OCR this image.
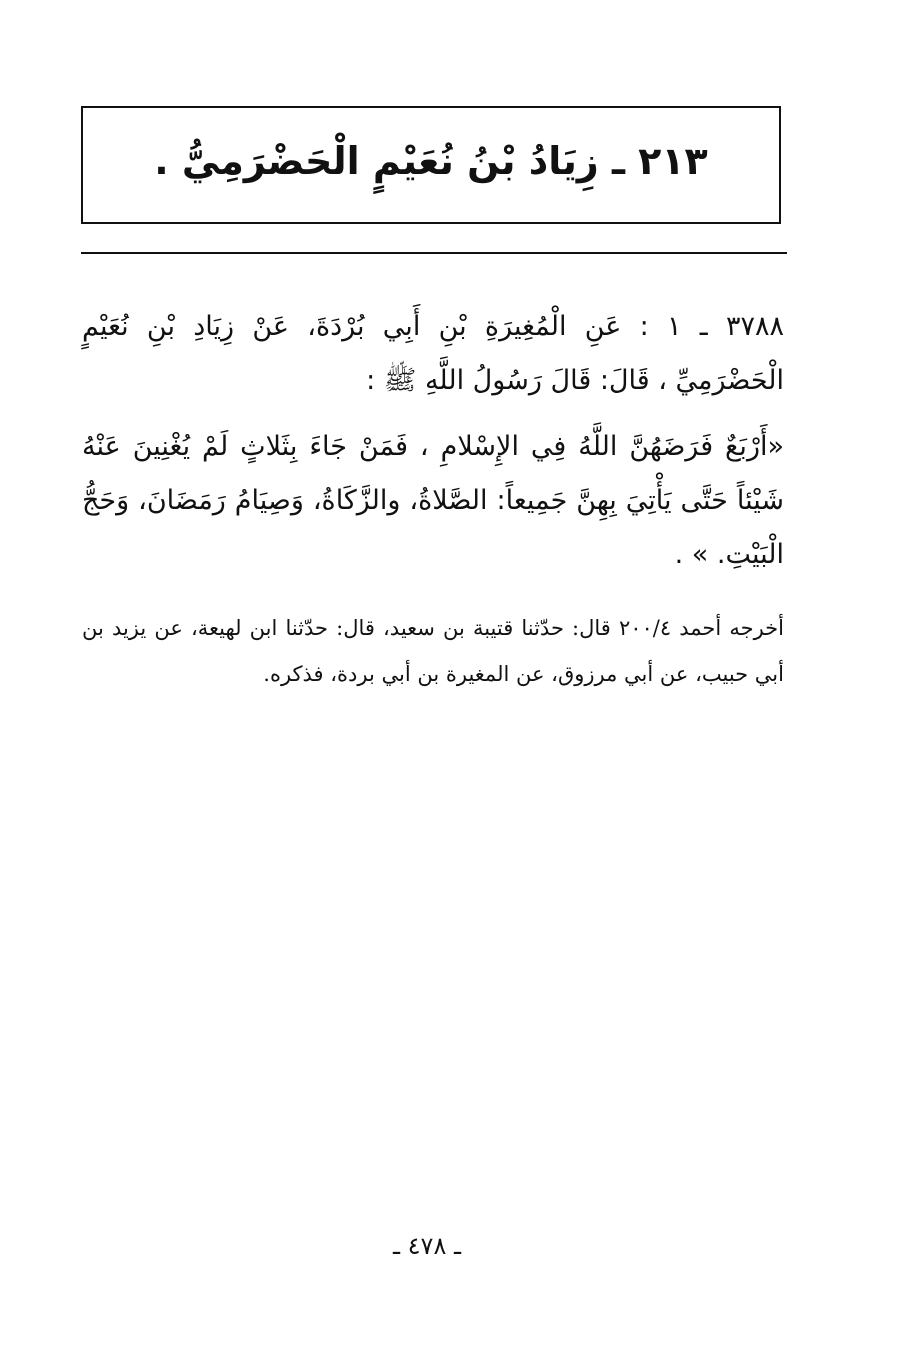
٢١٣ ـ زِيَادُ بْنُ نُعَيْمٍ الْحَضْرَمِيُّ .
٣٧٨٨ ـ ١ : عَنِ الْمُغِيرَةِ بْنِ أَبِي بُرْدَةَ، عَنْ زِيَادِ بْنِ نُعَيْمٍ الْحَضْرَمِيِّ ، قَالَ: قَالَ رَسُولُ اللَّهِ ﷺ :
«أَرْبَعٌ فَرَضَهُنَّ اللَّهُ فِي الإِسْلامِ ، فَمَنْ جَاءَ بِثَلاثٍ لَمْ يُغْنِينَ عَنْهُ شَيْئاً حَتَّى يَأْتِيَ بِهِنَّ جَمِيعاً: الصَّلاةُ، والزَّكَاةُ، وَصِيَامُ رَمَضَانَ، وَحَجُّ الْبَيْتِ. » .
أخرجه أحمد ٢٠٠/٤ قال: حدّثنا قتيبة بن سعيد، قال: حدّثنا ابن لهيعة، عن يزيد بن أبي حبيب، عن أبي مرزوق، عن المغيرة بن أبي بردة، فذكره.
ـ ٤٧٨ ـ
